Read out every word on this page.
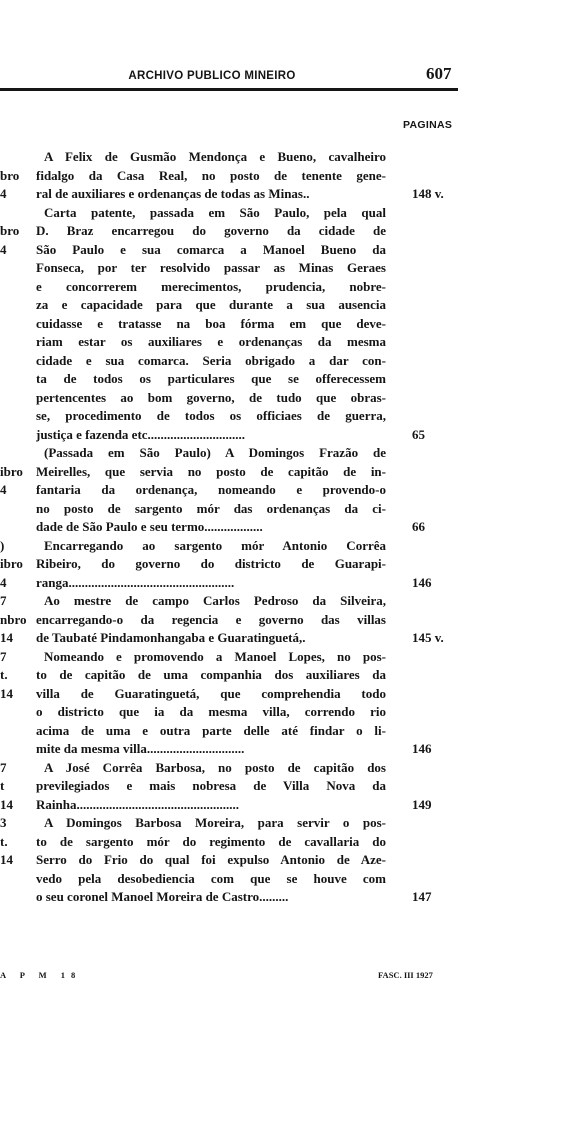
ARCHIVO PUBLICO MINEIRO	607
PAGINAS
A Felix de Gusmão Mendonça e Bueno, cavalheiro
bro	fidalgo da Casa Real, no posto de tenente gene-
4	ral de auxiliares e ordenanças de todas as Minas..	148 v.
Carta patente, passada em São Paulo, pela qual
bro	D. Braz encarregou do governo da cidade de
4	São Paulo e sua comarca a Manoel Bueno da
Fonseca, por ter resolvido passar as Minas Geraes
e concorrerem merecimentos, prudencia, nobre-
za e capacidade para que durante a sua ausencia
cuidasse e tratasse na boa fórma em que deve-
riam estar os auxiliares e ordenanças da mesma
cidade e sua comarca. Seria obrigado a dar con-
ta de todos os particulares que se offerecessem
pertencentes ao bom governo, de tudo que obras-
se, procedimento de todos os officiaes de guerra,
justiça e fazenda etc..............................	65
(Passada em São Paulo) A Domingos Frazão de
ibro	Meirelles, que servia no posto de capitão de in-
4	fantaria da ordenança, nomeando e provendo-o
no posto de sargento mór das ordenanças da ci-
dade de São Paulo e seu termo..................	66
)	Encarregando ao sargento mór Antonio Corrêa
ibro	Ribeiro, do governo do districto de Guarapi-
4	ranga...................................................	146
7	Ao mestre de campo Carlos Pedroso da Silveira,
nbro encarregando-o da regencia e governo das villas
14	de Taubaté Pindamonhangaba e Guaratinguetá,.	145 v.
7	Nomeando e promovendo a Manoel Lopes, no pos-
t.	to de capitão de uma companhia dos auxiliares da
14	villa de Guaratinguetá, que comprehendia todo
o districto que ia da mesma villa, correndo rio
acima de uma e outra parte delle até findar o li-
mite da mesma villa..............................	146
7	A José Corrêa Barbosa, no posto de capitão dos
t	previlegiados e mais nobresa de Villa Nova da
14	Rainha..................................................	149
3	A Domingos Barbosa Moreira, para servir o pos-
t.	to de sargento mór do regimento de cavallaria do
14	Serro do Frio do qual foi expulso Antonio de Aze-
vedo pela desobediencia com que se houve com
o seu coronel Manoel Moreira de Castro.........	147
A P M 18	FASC. III 1927
